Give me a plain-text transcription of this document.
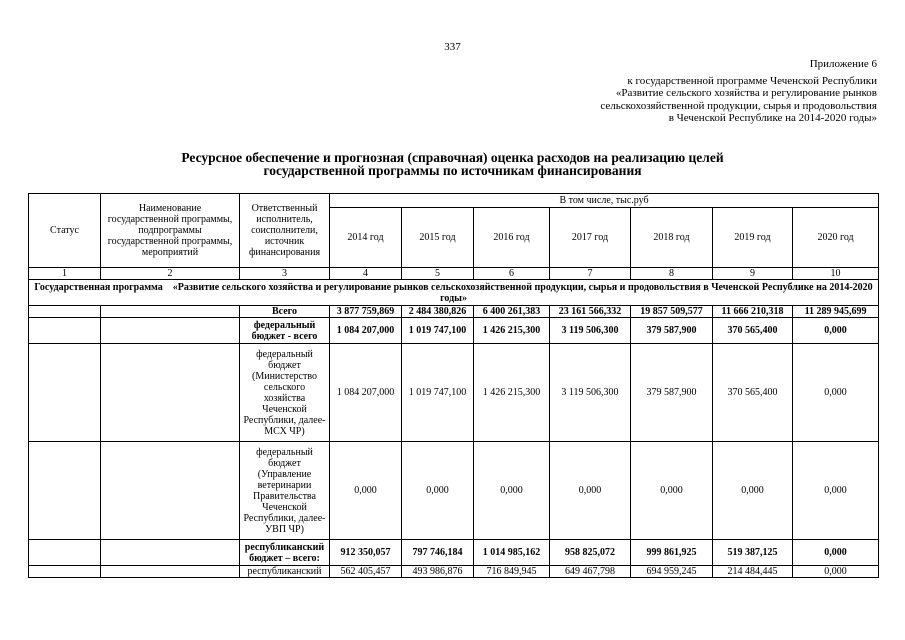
337
Приложение 6
к государственной программе Чеченской Республики
«Развитие сельского хозяйства и регулирование рынков
сельскохозяйственной продукции, сырья и продовольствия
в Чеченской Республике на 2014-2020 годы»
Ресурсное обеспечение и прогнозная (справочная) оценка расходов на реализацию целей
государственной программы по источникам финансирования
Статус	Наименование государственной программы, подпрограммы государственной программы, мероприятий	Ответственный исполнитель, соисполнители, источник финансирования	В том числе, тыс.руб						
			2014 год	2015 год	2016 год	2017 год	2018 год	2019 год	2020 год
1	2	3	4	5	6	7	8	9	10
Государственная программа «Развитие сельского хозяйства и регулирование рынков сельскохозяйственной продукции, сырья и продовольствия в Чеченской Республике на 2014-2020 годы»									
		Всего	3 877 759,869	2 484 380,826	6 400 261,383	23 161 566,332	19 857 509,577	11 666 210,318	11 289 945,699
		федеральный бюджет - всего	1 084 207,000	1 019 747,100	1 426 215,300	3 119 506,300	379 587,900	370 565,400	0,000
		федеральный бюджет (Министерство сельского хозяйства Чеченской Республики, далее-МСХ ЧР)	1 084 207,000	1 019 747,100	1 426 215,300	3 119 506,300	379 587,900	370 565,400	0,000
		федеральный бюджет (Управление ветеринарии Правительства Чеченской Республики, далее-УВП ЧР)	0,000	0,000	0,000	0,000	0,000	0,000	0,000
		республиканский бюджет – всего:	912 350,057	797 746,184	1 014 985,162	958 825,072	999 861,925	519 387,125	0,000
		республиканский	562 405,457	493 986,876	716 849,945	649 467,798	694 959,245	214 484,445	0,000
